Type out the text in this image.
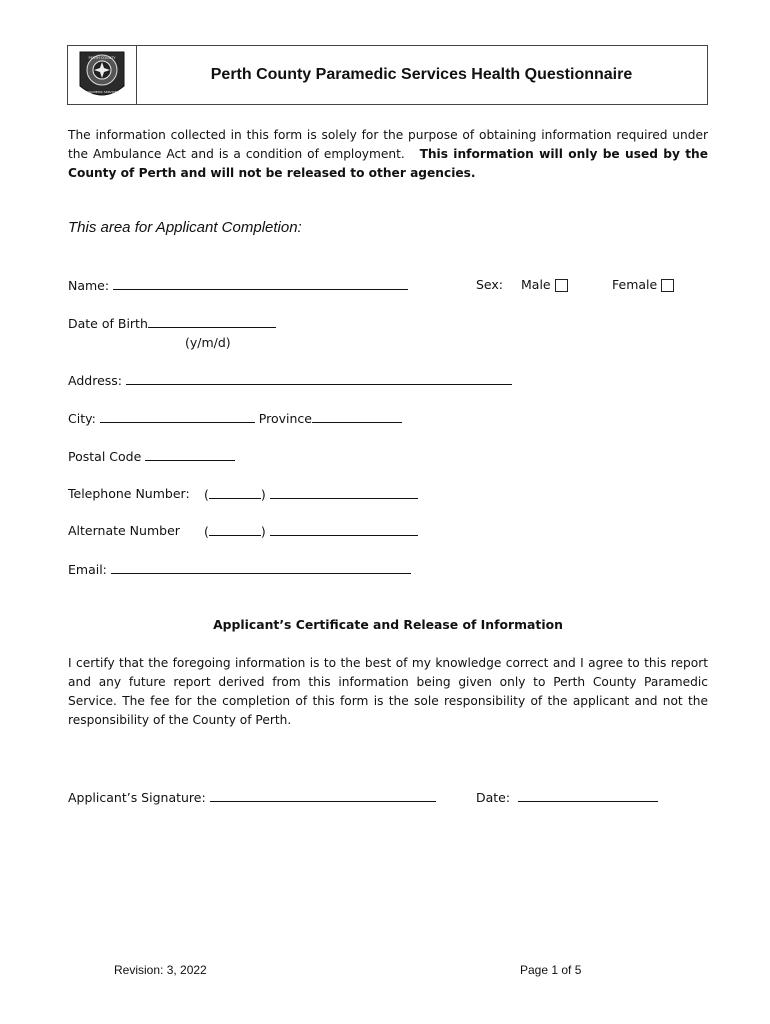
PERTH COUNTY
PARAMEDIC SERVICES
Perth County Paramedic Services Health Questionnaire
The information collected in this form is solely for the purpose of obtaining information required under
the Ambulance Act and is a condition of employment. This information will only be used by the
County of Perth and will not be released to other agencies.
This area for Applicant Completion:
Name:	Sex: Male	Female
Date of Birth
(y/m/d)
Address:
City:	Province
Postal Code
Telephone Number: (	)
Alternate Number (	)
Email:
Applicant’s Certificate and Release of Information
I certify that the foregoing information is to the best of my knowledge correct and I agree to this report
and any future report derived from this information being given only to Perth County Paramedic
Service. The fee for the completion of this form is the sole responsibility of the applicant and not the
responsibility of the County of Perth.
Applicant’s Signature:	Date:
Revision: 3, 2022	Page 1 of 5
